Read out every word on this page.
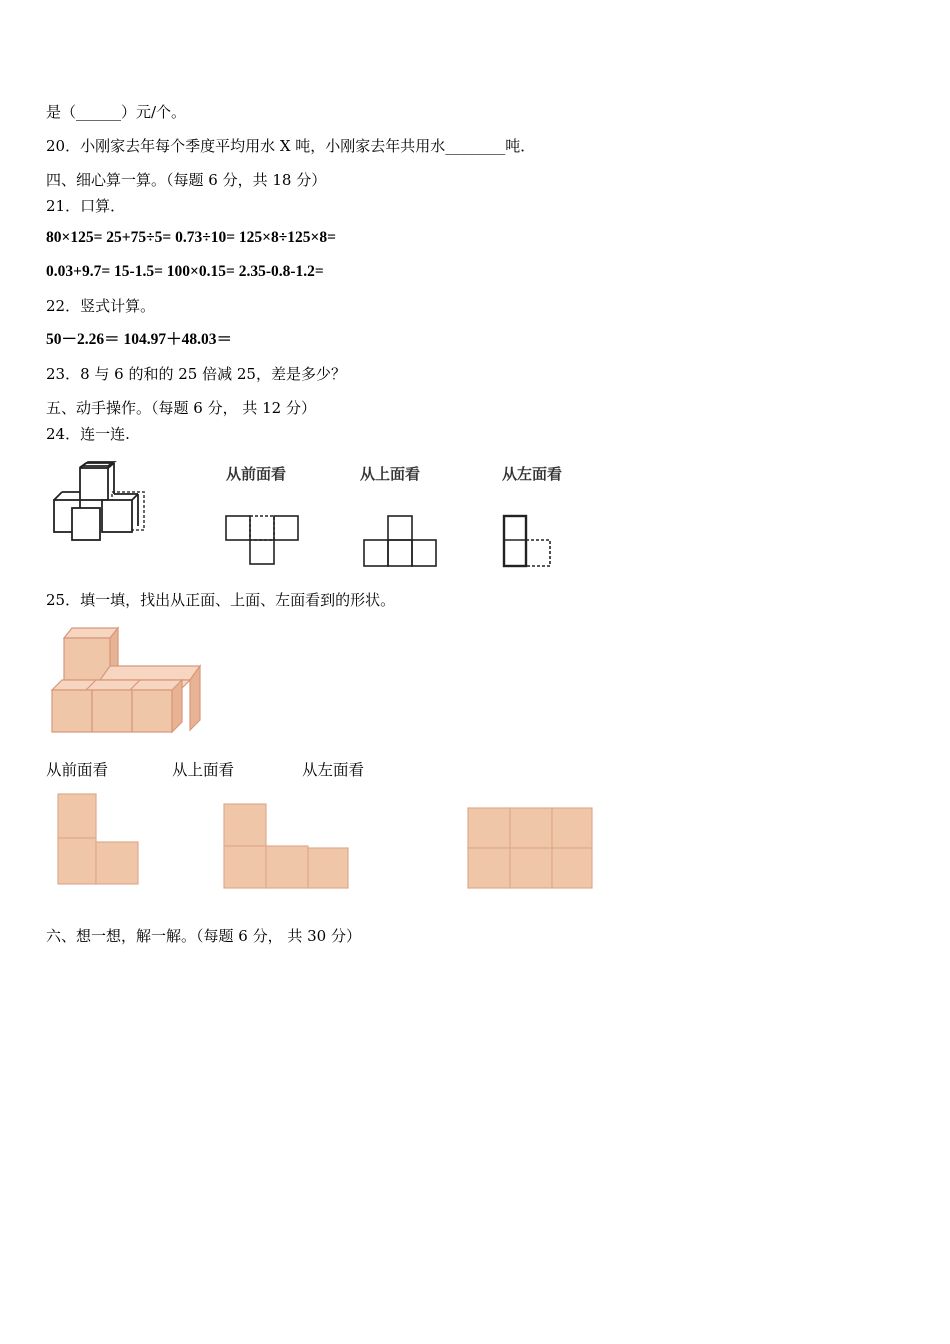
是（______）元/个。
20．小刚家去年每个季度平均用水 X 吨，小刚家去年共用水________吨．
四、细心算一算。（每题 6 分，共 18 分）
21．口算．
80×125= 25+75÷5= 0.73÷10= 125×8÷125×8=
0.03+9.7= 15-1.5= 100×0.15= 2.35-0.8-1.2=
22．竖式计算。
50－2.26＝ 104.97＋48.03＝
23．8 与 6 的和的 25 倍减 25，差是多少？
五、动手操作。（每题 6 分， 共 12 分）
24．连一连.
从前面看	从上面看	从左面看
25．填一填，找出从正面、上面、左面看到的形状。
从前面看	从上面看	从左面看
六、想一想，解一解。（每题 6 分， 共 30 分）
